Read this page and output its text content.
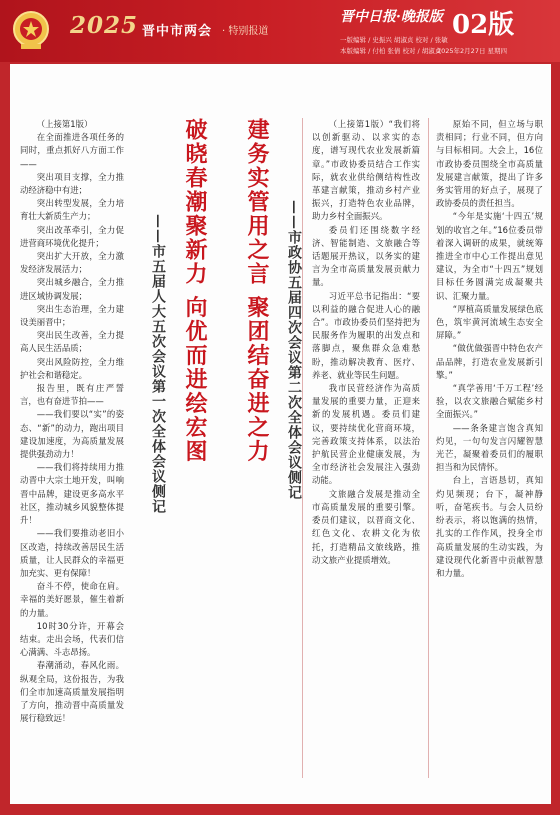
2025 晋中市两会 · 特别报道
晋中日报·晚报版 02版
一版编辑 / 史振兴 胡淑贞 校对 / 张敏
本版编辑 / 付柏 张倩 校对 / 胡淑贞
2025年2月27日 星期四

（上接第1版）

在全面推进各项任务的同时，重点抓好八方面工作——

突出项目支撑，全力推动经济稳中有进；

突出转型发展，全力培育壮大新质生产力；

突出改革牵引，全力促进营商环境优化提升；

突出扩大开放，全力激发经济发展活力；

突出城乡融合，全力推进区域协调发展；

突出生态治理，全力建设美丽晋中；

突出民生改善，全力提高人民生活品质；

突出风险防控，全力维护社会和谐稳定。

报告里，既有庄严誓言，也有奋进节拍——

——我们要以“实”的姿态、“新”的动力，跑出项目建设加速度，为高质量发展提供强劲动力！

——我们将持续用力推动晋中大宗土地开发，叫响晋中品牌，建设更多高水平社区，推动城乡风貌整体提升！

——我们要推动老旧小区改造，持续改善居民生活质量，让人民群众的幸福更加充实、更有保障！

奋斗不停，使命在肩。幸福的美好愿景，催生着新的力量。

10时30分许，开幕会结束。走出会场，代表们信心满满、斗志昂扬。

春潮涌动，春风化雨。纵观全局，这份报告，为我们全市加速高质量发展指明了方向，推动晋中高质量发展行稳致远！

破晓春潮聚新力 向优而进绘宏图
——市五届人大五次会议第一次全体会议侧记	建务实管用之言 聚团结奋进之力 ——市政协五届四次会议第二次全体会议侧记

（上接第1版）“我们将以创新驱动、以求实的态度，谱写现代农业发展新篇章。”市政协委员结合工作实际，就农业供给侧结构性改革建言献策，推动乡村产业振兴，打造特色农业品牌，助力乡村全面振兴。

委员们还围绕数字经济、智能制造、文旅融合等话题展开热议，以务实的建言为全市高质量发展贡献力量。

习近平总书记指出：“要以利益的融合促进人心的融合”。市政协委员们坚持把为民服务作为履职的出发点和落脚点，聚焦群众急难愁盼，推动解决教育、医疗、养老、就业等民生问题。

我市民营经济作为高质量发展的重要力量，正迎来新的发展机遇。委员们建议，要持续优化营商环境，完善政策支持体系，以法治护航民营企业健康发展，为全市经济社会发展注入强劲动能。

文旅融合发展是推动全市高质量发展的重要引擎。委员们建议，以晋商文化、红色文化、农耕文化为依托，打造精品文旅线路，推动文旅产业提质增效。

原始不同，但立场与职责相同；行业不同，但方向与目标相同。大会上，16位市政协委员围绕全市高质量发展建言献策，提出了许多务实管用的好点子，展现了政协委员的责任担当。

“今年是实施‘十四五’规划的收官之年。”16位委员带着深入调研的成果，就统筹推进全市中心工作提出意见建议，为全市“十四五”规划目标任务圆满完成凝聚共识、汇聚力量。

“厚植高质量发展绿色底色，筑牢黄河流域生态安全屏障。”

“做优做强晋中特色农产品品牌，打造农业发展新引擎。”

“真学善用‘千万工程’经验，以农文旅融合赋能乡村全面振兴。”

——条条建言饱含真知灼见，一句句发言闪耀智慧光芒，凝聚着委员们的履职担当和为民情怀。

台上，言语恳切，真知灼见频现；台下，凝神静听，奋笔疾书。与会人员纷纷表示，将以饱满的热情，扎实的工作作风，投身全市高质量发展的生动实践，为建设现代化新晋中贡献智慧和力量。
